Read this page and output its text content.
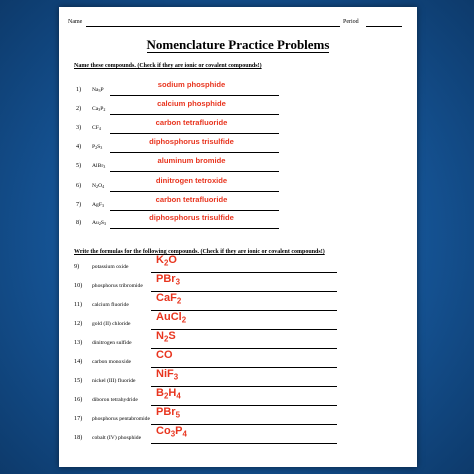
Name	Period
Nomenclature Practice Problems
Name these compounds. (Check if they are ionic or covalent compounds!)
1) $Na_3P$
sodium phosphide
2) $Ca_3P_2$
calcium phosphide
3) $CF_4$
carbon tetrafluoride
4) $P_2S_3$
diphosphorus trisulfide
5) AlBr$_3$
aluminum bromide
6) $N_2O_4$
dinitrogen tetroxide
7) AgF$_3$
carbon tetrafluoride
8) $Au_2S_3$
diphosphorus trisulfide
Write the formulas for the following compounds. (Check if they are ionic or covalent compounds!)
9) potassium oxide
$K_2O$
10) phosphorus tribromide
PBr$_3$
11) calcium fluoride
CaF$_2$
12) gold (II) chloride
AuCl$_2$
13) dinitrogen sulfide
$N_2S$
14) carbon monoxide
CO
15) nickel (III) fluoride
NiF$_3$
16) diboron tetrahydride
$B_2H_4$
17) phosphorus pentabromide
PBr$_5$
18) cobalt (IV) phosphide
$Co_3P_4$
